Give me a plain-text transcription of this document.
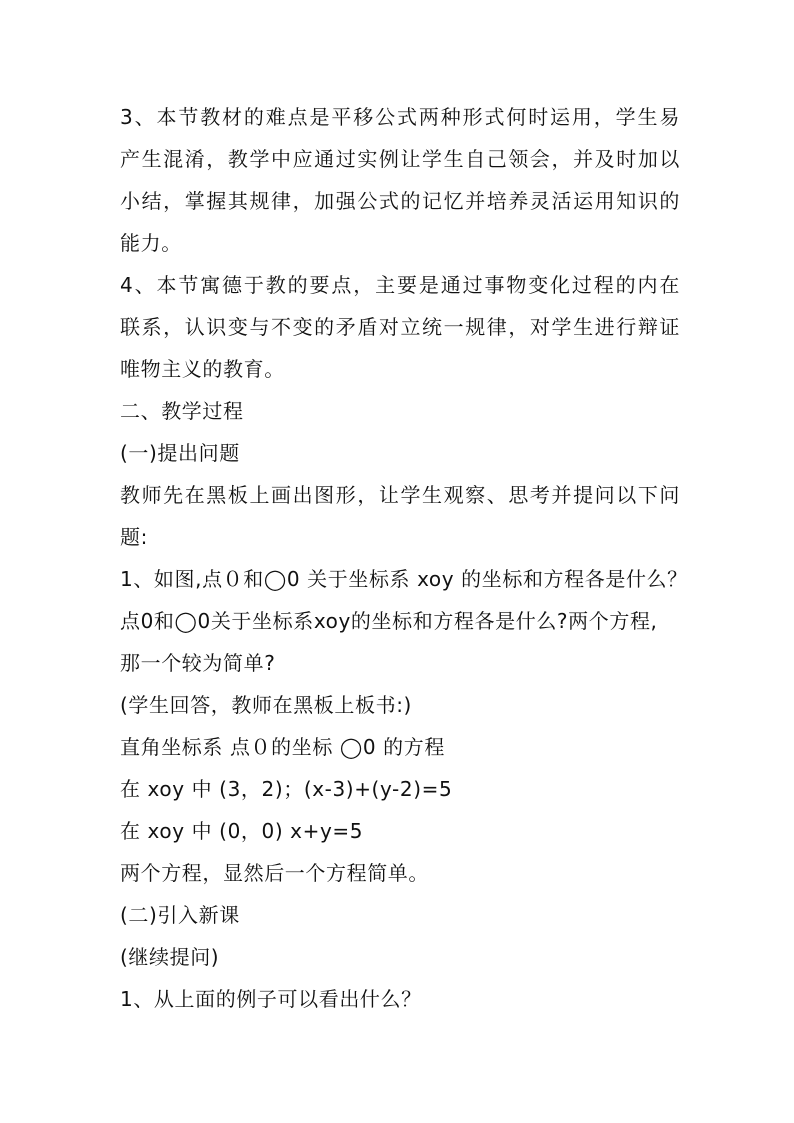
3、本节教材的难点是平移公式两种形式何时运用，学生易
产生混淆，教学中应通过实例让学生自己领会，并及时加以
小结，掌握其规律，加强公式的记忆并培养灵活运用知识的
能力。
4、本节寓德于教的要点，主要是通过事物变化过程的内在
联系，认识变与不变的矛盾对立统一规律，对学生进行辩证
唯物主义的教育。
二、教学过程
(一)提出问题
教师先在黑板上画出图形，让学生观察、思考并提问以下问
题:
1、如图,点０和◯0 关于坐标系 xoy 的坐标和方程各是什么？
点0和◯0关于坐标系xoy的坐标和方程各是什么?两个方程,
那一个较为简单?
(学生回答，教师在黑板上板书:)
直角坐标系 点０的坐标 ◯0 的方程
在 xoy 中 (3，2)；(x-3)+(y-2)=5
在 xoy 中 (0，0) x+y=5
两个方程，显然后一个方程简单。
(二)引入新课
(继续提问)
1、从上面的例子可以看出什么？
